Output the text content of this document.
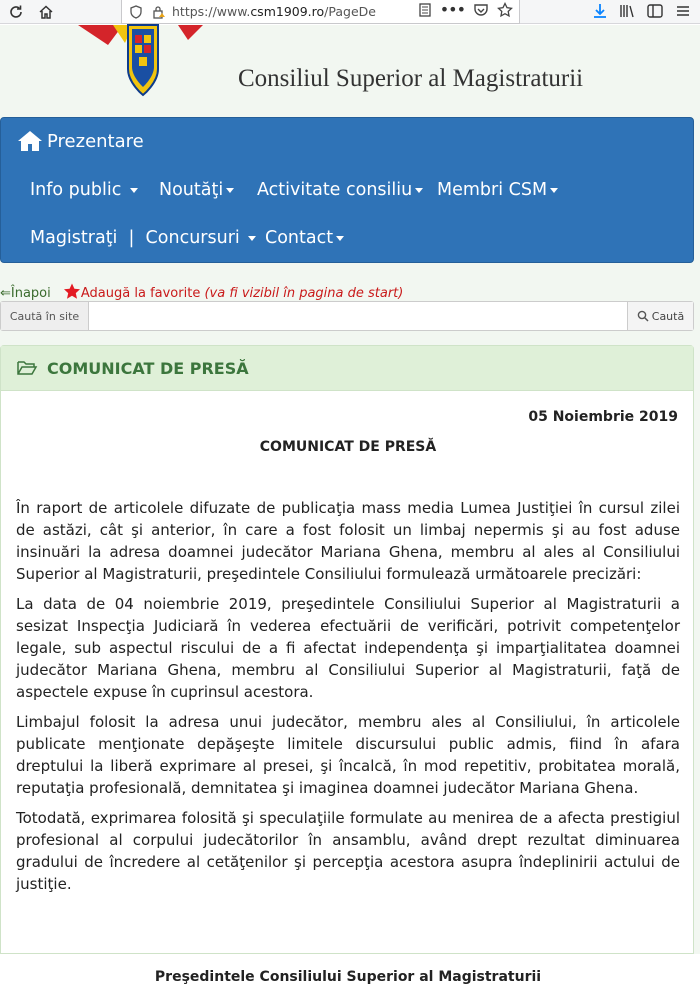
https://www.csm1909.ro/PageDe	•••
Consiliul Superior al Magistraturii
Prezentare
Info public	Noutăţi	Activitate consiliu	Membri CSM
Magistraţi  |  Concursuri	Contact
⇐Înapoi Adaugă la favorite (va fi vizibil în pagina de start)
Caută în site	Caută
COMUNICAT DE PRESĂ
05 Noiembrie 2019
COMUNICAT DE PRESĂ

În raport de articolele difuzate de publicaţia mass media Lumea Justiţiei în cursul zilei de astăzi, cât şi anterior, în care a fost folosit un limbaj nepermis şi au fost aduse insinuări la adresa doamnei judecător Mariana Ghena, membru al ales al Consiliului Superior al Magistraturii, preşedintele Consiliului formulează următoarele precizări:

La data de 04 noiembrie 2019, preşedintele Consiliului Superior al Magistraturii a sesizat Inspecţia Judiciară în vederea efectuării de verificări, potrivit competenţelor legale, sub aspectul riscului de a fi afectat independenţa şi imparţialitatea doamnei judecător Mariana Ghena, membru al Consiliului Superior al Magistraturii, faţă de aspectele expuse în cuprinsul acestora.

Limbajul folosit la adresa unui judecător, membru ales al Consiliului, în articolele publicate menţionate depăşeşte limitele discursului public admis, fiind în afara dreptului la liberă exprimare al presei, şi încalcă, în mod repetitiv, probitatea morală, reputaţia profesională, demnitatea şi imaginea doamnei judecător Mariana Ghena.

Totodată, exprimarea folosită şi speculaţiile formulate au menirea de a afecta prestigiul profesional al corpului judecătorilor în ansamblu, având drept rezultat diminuarea gradului de încredere al cetăţenilor şi percepţia acestora asupra îndeplinirii actului de justiţie.

Preşedintele Consiliului Superior al Magistraturii
